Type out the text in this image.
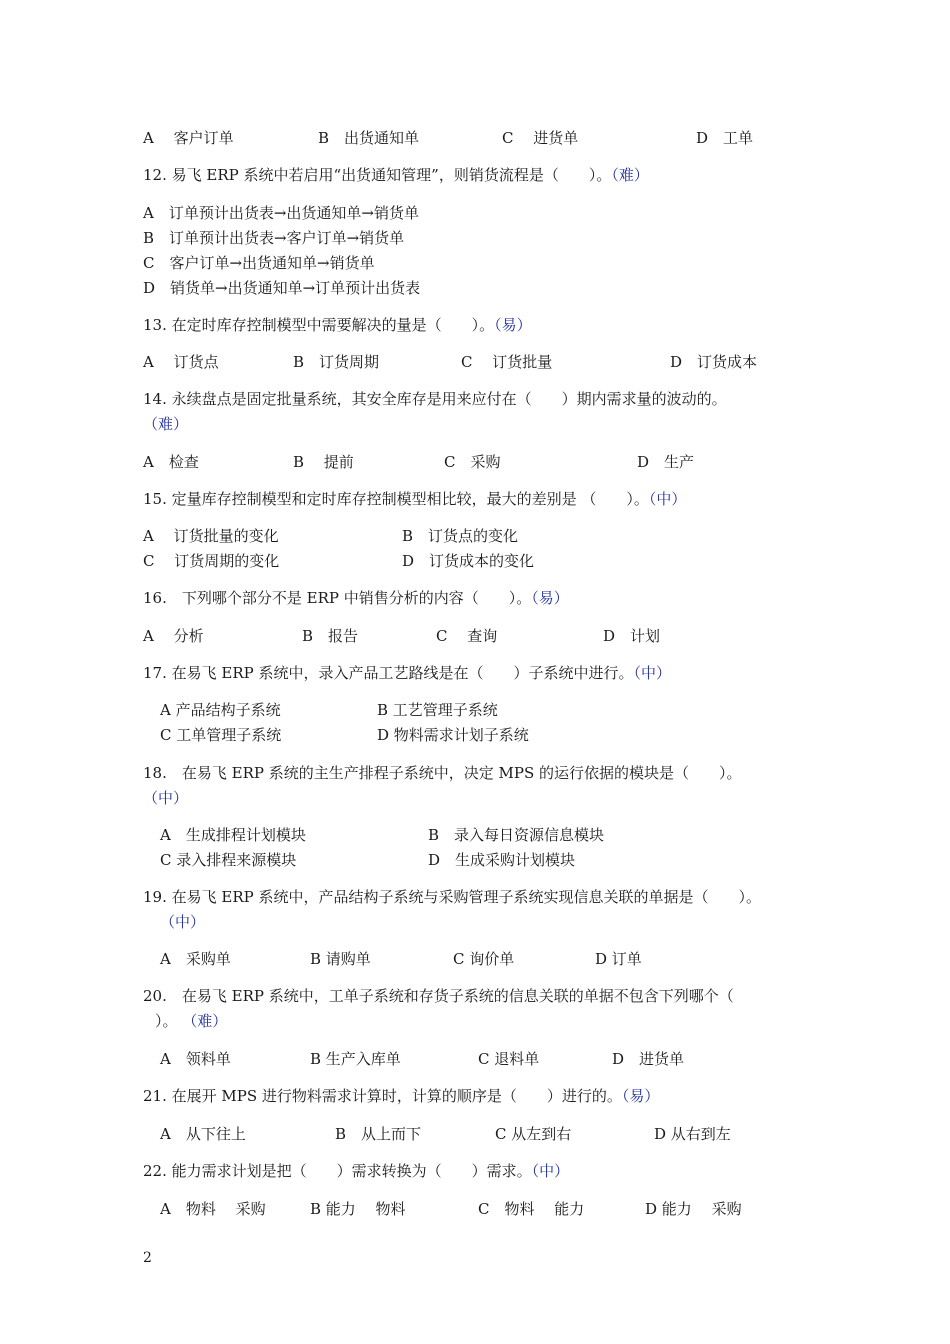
A　 客户订单	B　出货通知单	C　 进货单	D　工单
12. 易飞 ERP 系统中若启用“出货通知管理”，则销货流程是（　　）。（难）
A　订单预计出货表→出货通知单→销货单
B　订单预计出货表→客户订单→销货单
C　客户订单→出货通知单→销货单
D　销货单→出货通知单→订单预计出货表
13. 在定时库存控制模型中需要解决的量是（　　）。（易）
A　 订货点	B　订货周期	C　 订货批量	D　订货成本
14. 永续盘点是固定批量系统，其安全库存是用来应付在（　　）期内需求量的波动的。
（难）
A　检查	B　 提前	C　采购	D　生产
15. 定量库存控制模型和定时库存控制模型相比较，最大的差别是 （　　）。（中）
A　 订货批量的变化	B　订货点的变化
C　 订货周期的变化	D　订货成本的变化
16.　下列哪个部分不是 ERP 中销售分析的内容（　　）。（易）
A　 分析	B　报告	C　 查询	D　计划
17. 在易飞 ERP 系统中，录入产品工艺路线是在（　　）子系统中进行。（中）
A 产品结构子系统	B 工艺管理子系统
C 工单管理子系统	D 物料需求计划子系统
18.　在易飞 ERP 系统的主生产排程子系统中，决定 MPS 的运行依据的模块是（　　）。
（中）
A　生成排程计划模块	B　录入每日资源信息模块
C 录入排程来源模块	D　生成采购计划模块
19. 在易飞 ERP 系统中，产品结构子系统与采购管理子系统实现信息关联的单据是（　　）。
（中）
A　采购单	B 请购单	C 询价单	D 订单
20.　在易飞 ERP 系统中，工单子系统和存货子系统的信息关联的单据不包含下列哪个（
）。 （难）
A　领料单	B 生产入库单	C 退料单	D　进货单
21. 在展开 MPS 进行物料需求计算时，计算的顺序是（　　）进行的。（易）
A　从下往上	B　从上而下	C 从左到右	D 从右到左
22. 能力需求计划是把（　　）需求转换为（　　）需求。（中）
A　物料　 采购	B 能力　 物料	C　物料　 能力	D 能力　 采购
2
